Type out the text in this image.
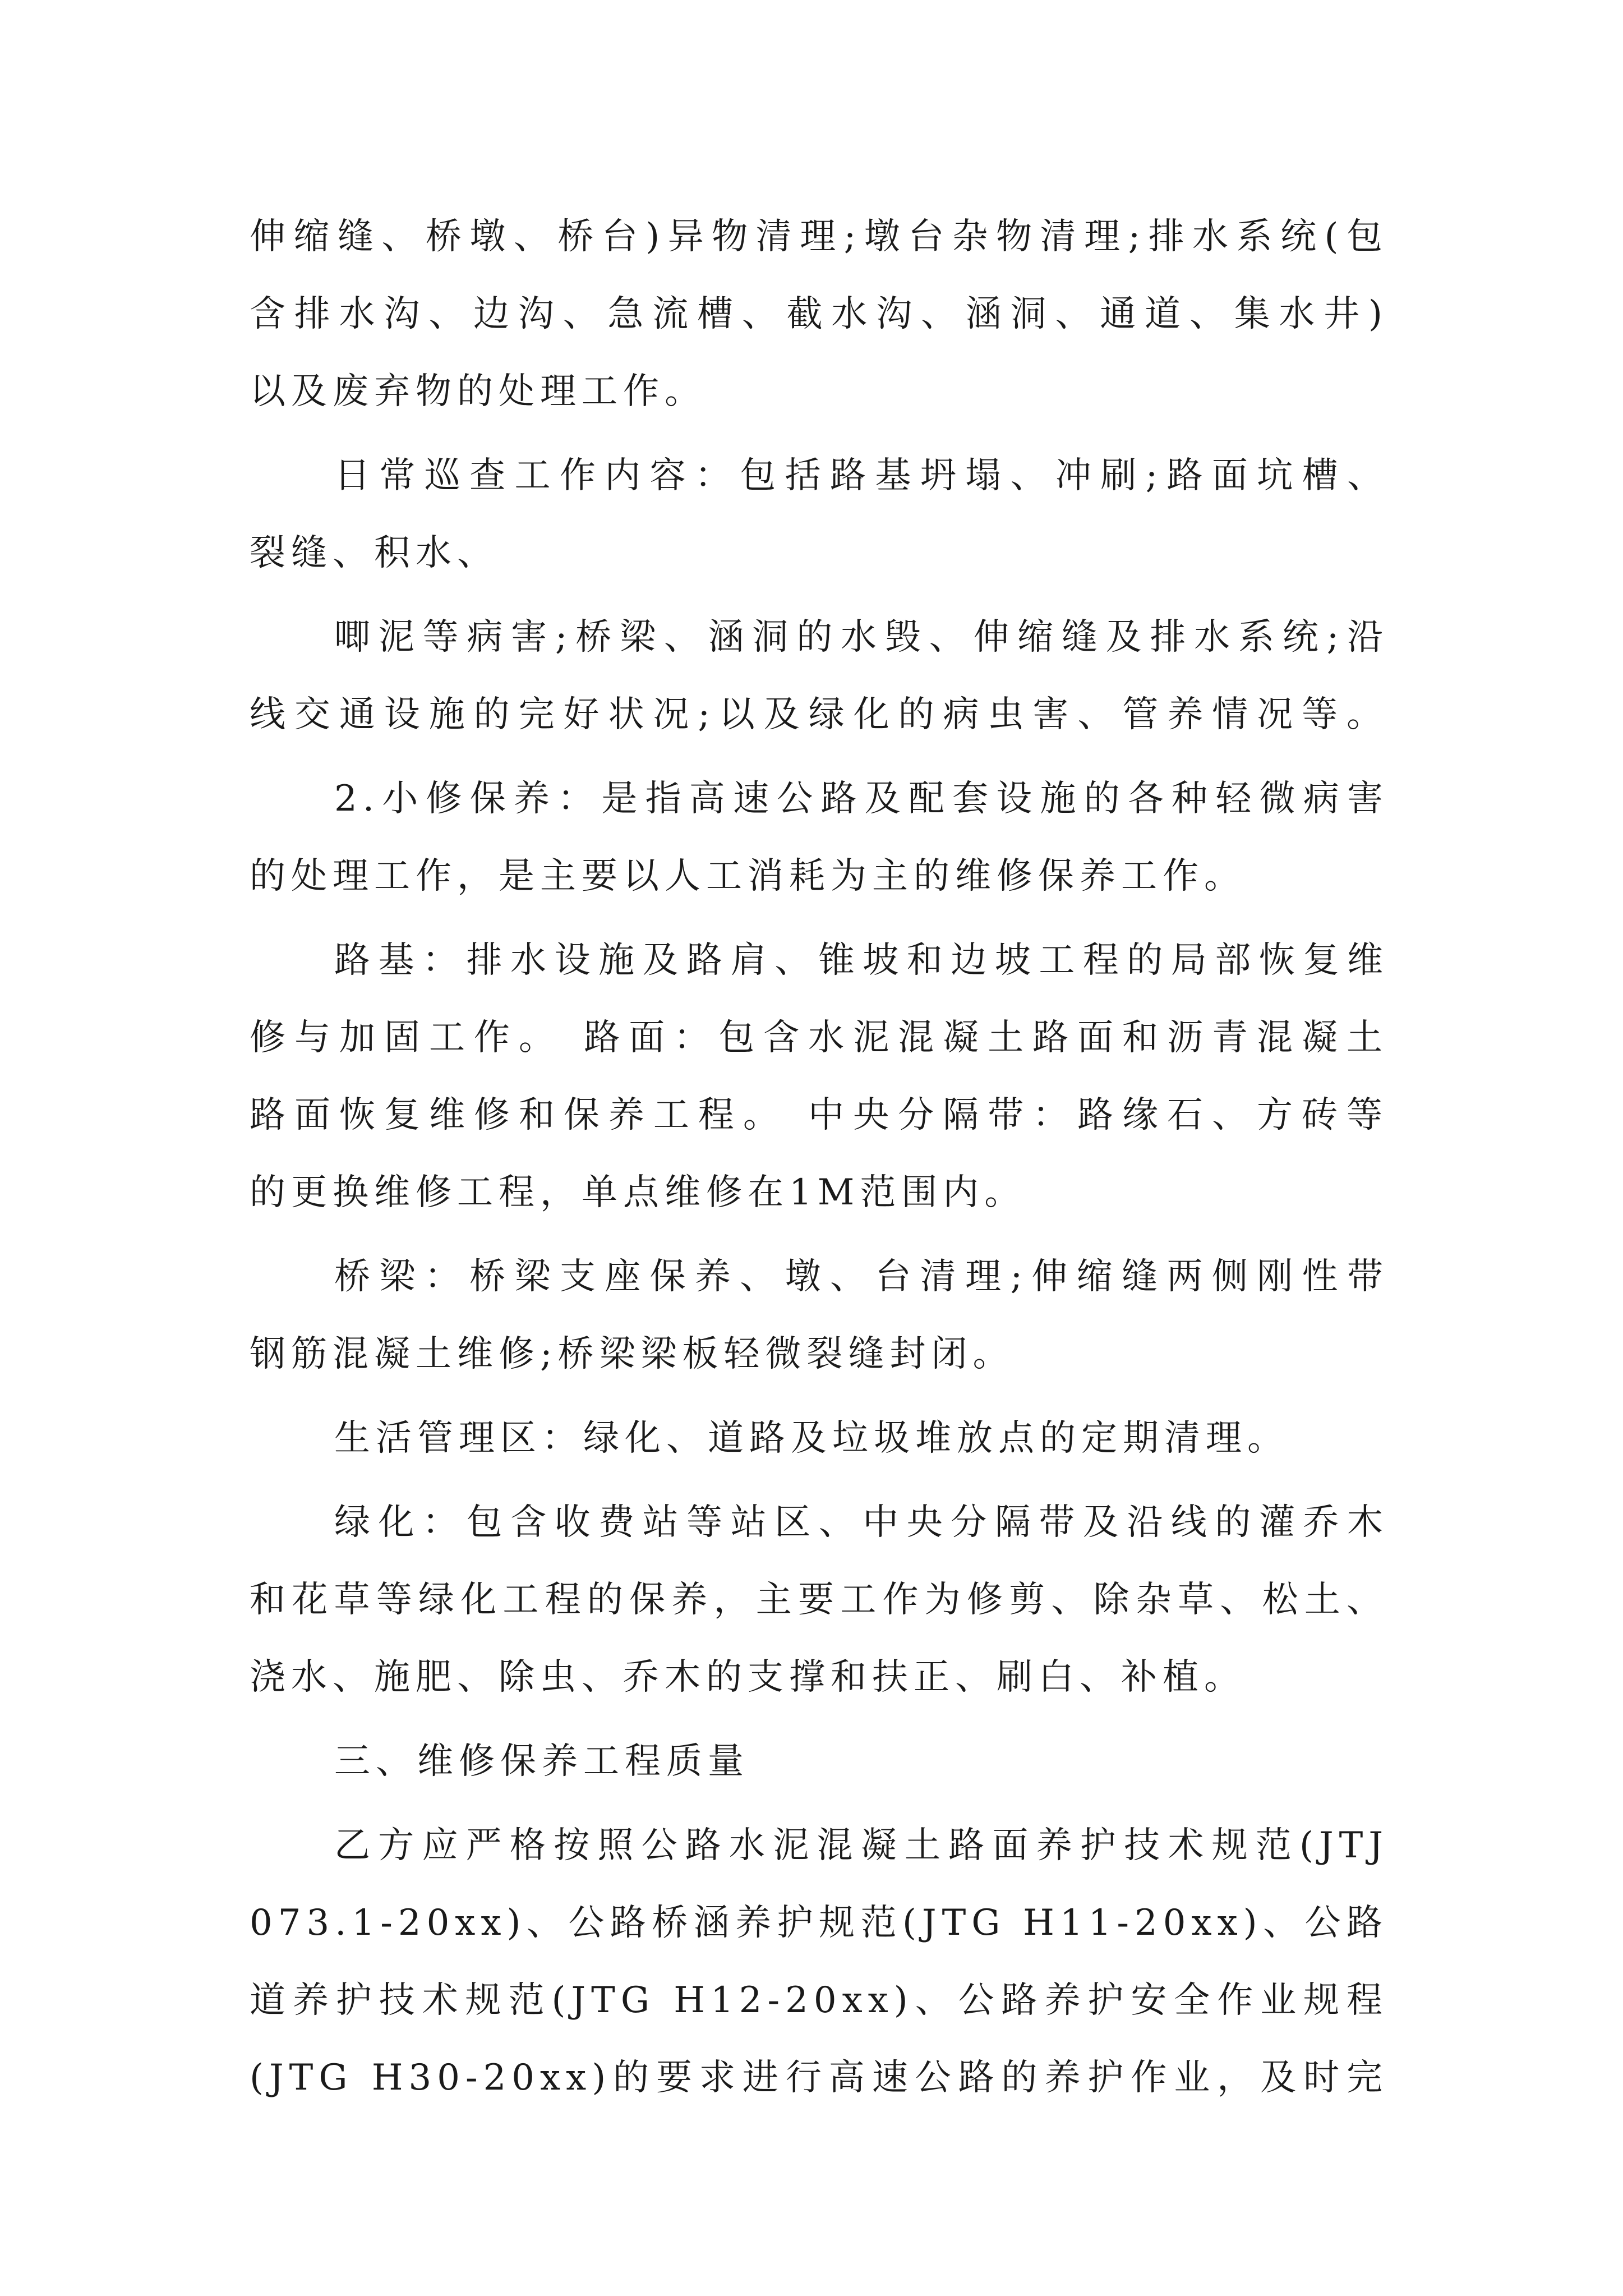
伸缩缝、桥墩、桥台)异物清理;墩台杂物清理;排水系统(包
含排水沟、边沟、急流槽、截水沟、涵洞、通道、集水井)
以及废弃物的处理工作。
日常巡查工作内容：包括路基坍塌、冲刷;路面坑槽、
裂缝、积水、
唧泥等病害;桥梁、涵洞的水毁、伸缩缝及排水系统;沿
线交通设施的完好状况;以及绿化的病虫害、管养情况等。
2.小修保养：是指高速公路及配套设施的各种轻微病害
的处理工作，是主要以人工消耗为主的维修保养工作。
路基：排水设施及路肩、锥坡和边坡工程的局部恢复维
修与加固工作。 路面：包含水泥混凝土路面和沥青混凝土
路面恢复维修和保养工程。 中央分隔带：路缘石、方砖等
的更换维修工程，单点维修在1M范围内。
桥梁：桥梁支座保养、墩、台清理;伸缩缝两侧刚性带
钢筋混凝土维修;桥梁梁板轻微裂缝封闭。
生活管理区：绿化、道路及垃圾堆放点的定期清理。
绿化：包含收费站等站区、中央分隔带及沿线的灌乔木
和花草等绿化工程的保养，主要工作为修剪、除杂草、松土、
浇水、施肥、除虫、乔木的支撑和扶正、刷白、补植。
三、维修保养工程质量
乙方应严格按照公路水泥混凝土路面养护技术规范(JTJ
073.1-20xx)、公路桥涵养护规范(JTG H11-20xx)、公路
道养护技术规范(JTG H12-20xx)、公路养护安全作业规程
(JTG H30-20xx)的要求进行高速公路的养护作业，及时完
